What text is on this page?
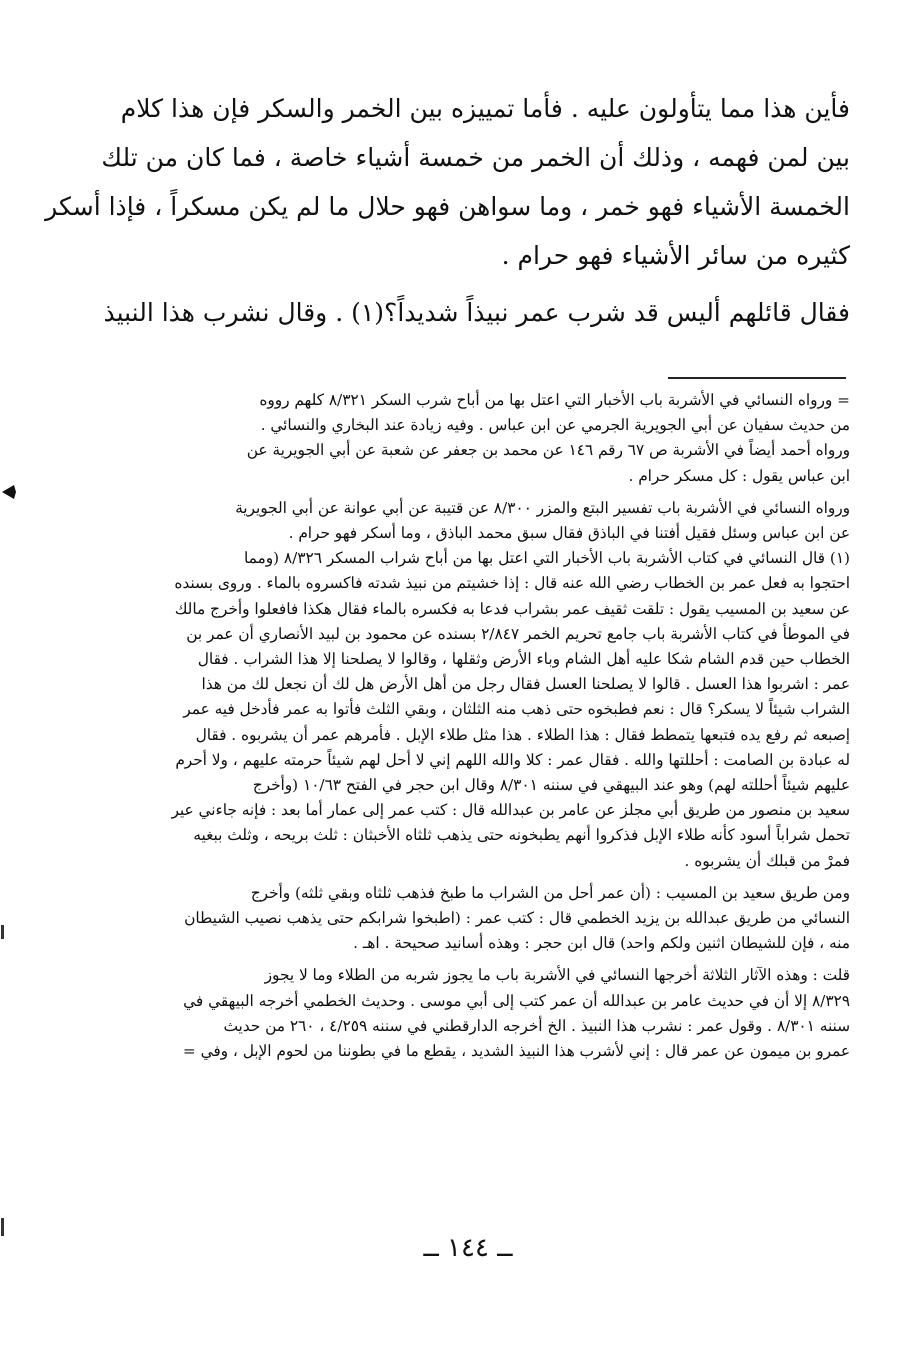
فأين هذا مما يتأولون عليه . فأما تمييزه بين الخمر والسكر فإن هذا كلام
بين لمن فهمه ، وذلك أن الخمر من خمسة أشياء خاصة ، فما كان من تلك
الخمسة الأشياء فهو خمر ، وما سواهن فهو حلال ما لم يكن مسكراً ، فإذا أسكر
كثيره من سائر الأشياء فهو حرام .
فقال قائلهم أليس قد شرب عمر نبيذاً شديداً؟(١) . وقال نشرب هذا النبيذ
= ورواه النسائي في الأشربة باب الأخبار التي اعتل بها من أباح شرب السكر ٨/٣٢١ كلهم رووه
من حديث سفيان عن أبي الجويرية الجرمي عن ابن عباس . وفيه زيادة عند البخاري والنسائي .
ورواه أحمد أيضاً في الأشربة ص ٦٧ رقم ١٤٦ عن محمد بن جعفر عن شعبة عن أبي الجويرية عن
ابن عباس يقول : كل مسكر حرام .
ورواه النسائي في الأشربة باب تفسير البتع والمزر ٨/٣٠٠ عن قتيبة عن أبي عوانة عن أبي الجويرية
عن ابن عباس وسئل فقيل أفتنا في الباذق فقال سبق محمد الباذق ، وما أسكر فهو حرام .
(١) قال النسائي في كتاب الأشربة باب الأخبار التي اعتل بها من أباح شراب المسكر ٨/٣٢٦ (ومما
احتجوا به فعل عمر بن الخطاب رضي الله عنه قال : إذا خشيتم من نبيذ شدته فاكسروه بالماء . وروى بسنده
عن سعيد بن المسيب يقول : تلقت ثقيف عمر بشراب فدعا به فكسره بالماء فقال هكذا فافعلوا وأخرج مالك
في الموطأ في كتاب الأشربة باب جامع تحريم الخمر ٢/٨٤٧ بسنده عن محمود بن لبيد الأنصاري أن عمر بن
الخطاب حين قدم الشام شكا عليه أهل الشام وباء الأرض وثقلها ، وقالوا لا يصلحنا إلا هذا الشراب . فقال
عمر : اشربوا هذا العسل . قالوا لا يصلحنا العسل فقال رجل من أهل الأرض هل لك أن نجعل لك من هذا
الشراب شيئاً لا يسكر؟ قال : نعم فطبخوه حتى ذهب منه الثلثان ، وبقي الثلث فأتوا به عمر فأدخل فيه عمر
إصبعه ثم رفع يده فتبعها يتمطط فقال : هذا الطلاء . هذا مثل طلاء الإبل . فأمرهم عمر أن يشربوه . فقال
له عبادة بن الصامت : أحللتها والله . فقال عمر : كلا والله اللهم إني لا أحل لهم شيئاً حرمته عليهم ، ولا أحرم
عليهم شيئاً أحللته لهم) وهو عند البيهقي في سننه ٨/٣٠١ وقال ابن حجر في الفتح ١٠/٦٣ (وأخرج
سعيد بن منصور من طريق أبي مجلز عن عامر بن عبدالله قال : كتب عمر إلى عمار أما بعد : فإنه جاءني عير
تحمل شراباً أسود كأنه طلاء الإبل فذكروا أنهم يطبخونه حتى يذهب ثلثاه الأخبثان : ثلث بريحه ، وثلث ببغيه
فمرْ من قبلك أن يشربوه .
ومن طريق سعيد بن المسيب : (أن عمر أحل من الشراب ما طبخ فذهب ثلثاه وبقي ثلثه) وأخرج
النسائي من طريق عبدالله بن يزيد الخطمي قال : كتب عمر : (اطبخوا شرابكم حتى يذهب نصيب الشيطان
منه ، فإن للشيطان اثنين ولكم واحد) قال ابن حجر : وهذه أسانيد صحيحة . اهـ .
قلت : وهذه الآثار الثلاثة أخرجها النسائي في الأشربة باب ما يجوز شربه من الطلاء وما لا يجوز
٨/٣٢٩ إلا أن في حديث عامر بن عبدالله أن عمر كتب إلى أبي موسى . وحديث الخطمي أخرجه البيهقي في
سننه ٨/٣٠١ . وقول عمر : نشرب هذا النبيذ . الخ أخرجه الدارقطني في سننه ٤/٢٥٩ ، ٢٦٠ من حديث
عمرو بن ميمون عن عمر قال : إني لأشرب هذا النبيذ الشديد ، يقطع ما في بطوننا من لحوم الإبل ، وفي =
ــ ١٤٤ ــ
